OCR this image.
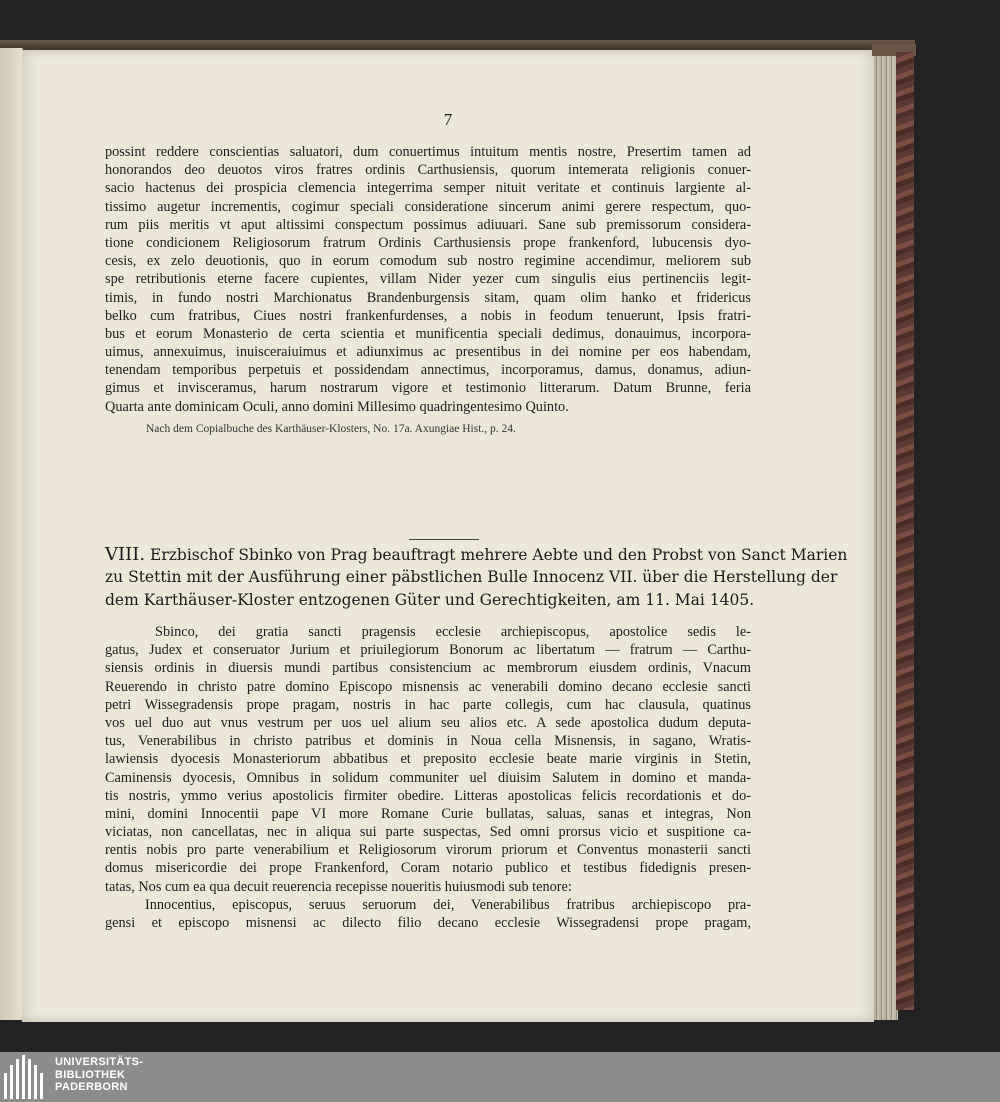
7
possint reddere conscientias saluatori, dum conuertimus intuitum mentis nostre, Presertim tamen ad
honorandos deo deuotos viros fratres ordinis Carthusiensis, quorum intemerata religionis conuer-
sacio hactenus dei prospicia clemencia integerrima semper nituit veritate et continuis largiente al-
tissimo augetur incrementis, cogimur speciali consideratione sincerum animi gerere respectum, quo-
rum piis meritis vt aput altissimi conspectum possimus adiuuari. Sane sub premissorum considera-
tione condicionem Religiosorum fratrum Ordinis Carthusiensis prope frankenford, lubucensis dyo-
cesis, ex zelo deuotionis, quo in eorum comodum sub nostro regimine accendimur, meliorem sub
spe retributionis eterne facere cupientes, villam Nider yezer cum singulis eius pertinenciis legit-
timis, in fundo nostri Marchionatus Brandenburgensis sitam, quam olim hanko et fridericus
belko cum fratribus, Ciues nostri frankenfurdenses, a nobis in feodum tenuerunt, Ipsis fratri-
bus et eorum Monasterio de certa scientia et munificentia speciali dedimus, donauimus, incorpora-
uimus, annexuimus, inuisceraiuimus et adiunximus ac presentibus in dei nomine per eos habendam,
tenendam temporibus perpetuis et possidendam annectimus, incorporamus, damus, donamus, adiun-
gimus et invisceramus, harum nostrarum vigore et testimonio litterarum. Datum Brunne, feria
Quarta ante dominicam Oculi, anno domini Millesimo quadringentesimo Quinto.
Nach dem Copialbuche des Karthäuser-Klosters, No. 17a. Axungiae Hist., p. 24.
VIII. Erzbischof Sbinko von Prag beauftragt mehrere Aebte und den Probst von Sanct Marien
zu Stettin mit der Ausführung einer päbstlichen Bulle Innocenz VII. über die Herstellung der
dem Karthäuser-Kloster entzogenen Güter und Gerechtigkeiten, am 11. Mai 1405.
Sbinco, dei gratia sancti pragensis ecclesie archiepiscopus, apostolice sedis le-
gatus, Judex et conseruator Jurium et priuilegiorum Bonorum ac libertatum — fratrum — Carthu-
siensis ordinis in diuersis mundi partibus consistencium ac membrorum eiusdem ordinis, Vnacum
Reuerendo in christo patre domino Episcopo misnensis ac venerabili domino decano ecclesie sancti
petri Wissegradensis prope pragam, nostris in hac parte collegis, cum hac clausula, quatinus
vos uel duo aut vnus vestrum per uos uel alium seu alios etc. A sede apostolica dudum deputa-
tus, Venerabilibus in christo patribus et dominis in Noua cella Misnensis, in sagano, Wratis-
lawiensis dyocesis Monasteriorum abbatibus et preposito ecclesie beate marie virginis in Stetin,
Caminensis dyocesis, Omnibus in solidum communiter uel diuisim Salutem in domino et manda-
tis nostris, ymmo verius apostolicis firmiter obedire. Litteras apostolicas felicis recordationis et do-
mini, domini Innocentii pape VI more Romane Curie bullatas, saluas, sanas et integras, Non
viciatas, non cancellatas, nec in aliqua sui parte suspectas, Sed omni prorsus vicio et suspitione ca-
rentis nobis pro parte venerabilium et Religiosorum virorum priorum et Conventus monasterii sancti
domus misericordie dei prope Frankenford, Coram notario publico et testibus fidedignis presen-
tatas, Nos cum ea qua decuit reuerencia recepisse noueritis huiusmodi sub tenore:
Innocentius, episcopus, seruus seruorum dei, Venerabilibus fratribus archiepiscopo pra-
gensi et episcopo misnensi ac dilecto filio decano ecclesie Wissegradensi prope pragam,
UNIVERSITÄTS-
BIBLIOTHEK
PADERBORN
